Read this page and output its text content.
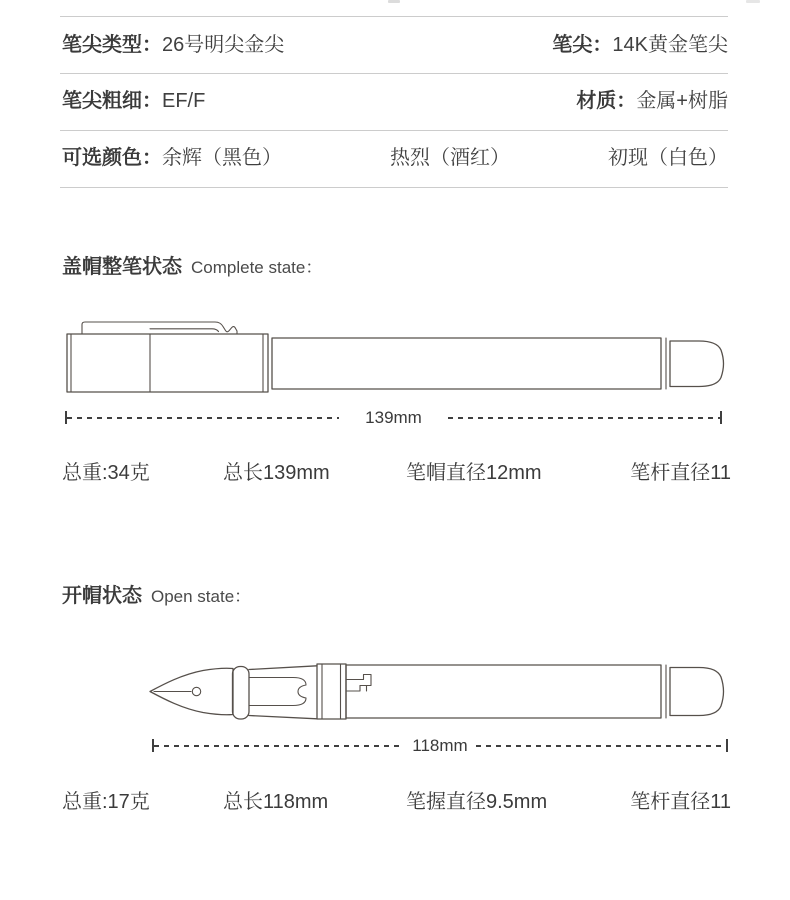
笔尖类型：26号明尖金尖	笔尖：14K黄金笔尖
笔尖粗细：EF/F	材质：金属+树脂
可选颜色：余辉（黑色）	热烈（酒红）	初现（白色）
盖帽整笔状态 Complete state：
139mm
总重:34克	总长139mm	笔帽直径12mm	笔杆直径11
开帽状态 Open state：
118mm
总重:17克	总长118mm	笔握直径9.5mm	笔杆直径11
